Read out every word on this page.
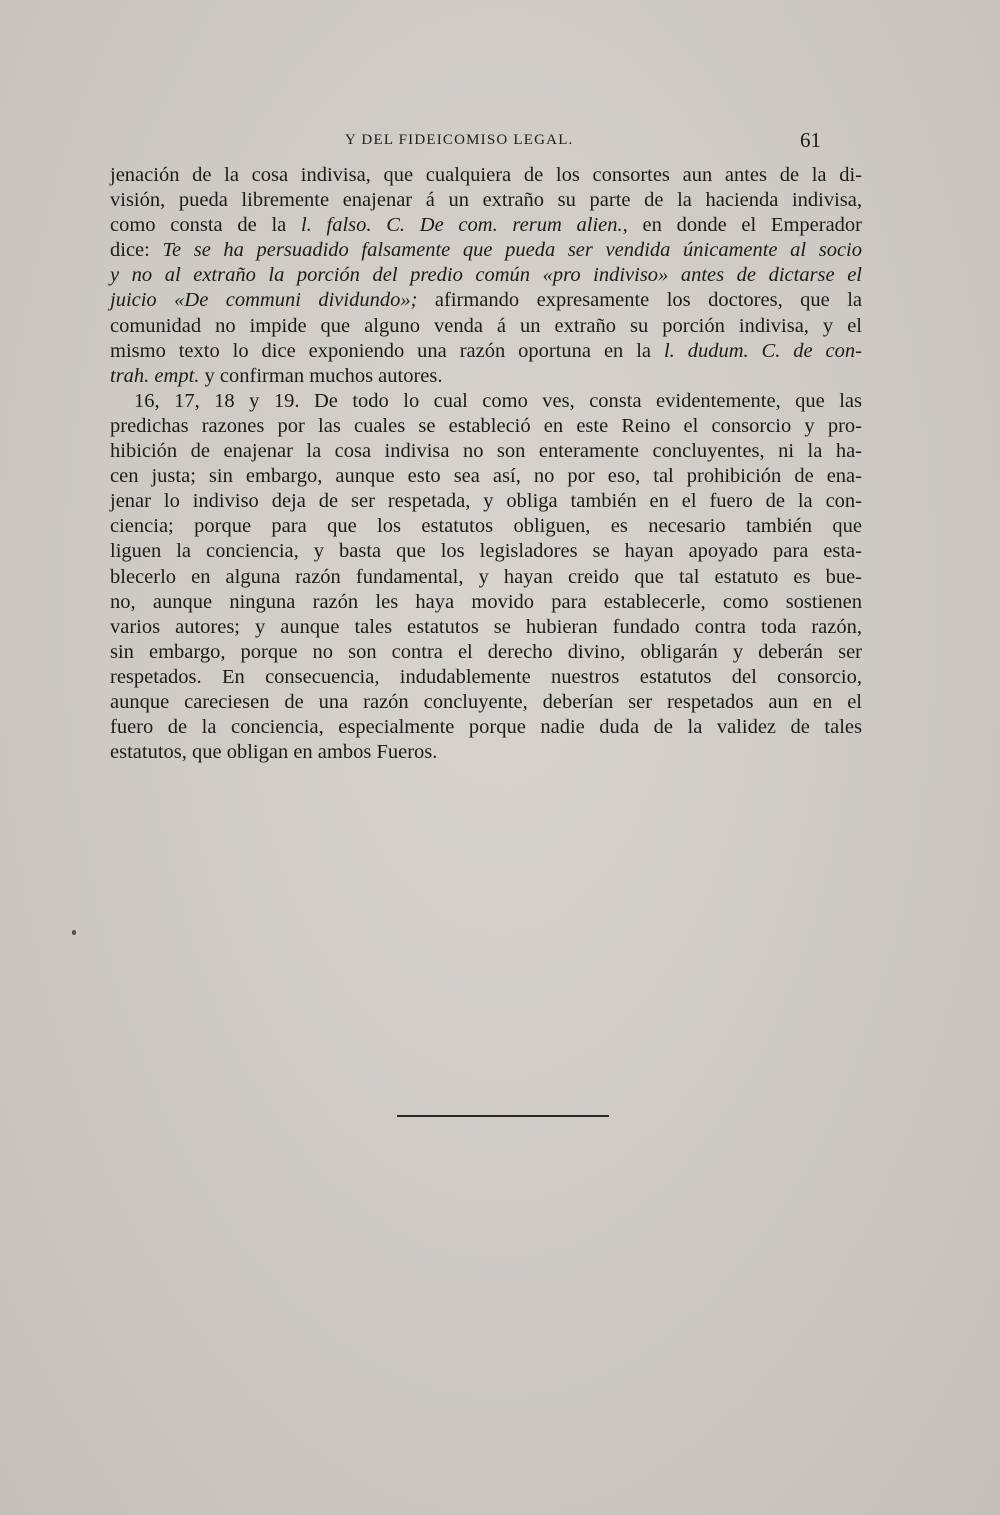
Y DEL FIDEICOMISO LEGAL.	61
jenación de la cosa indivisa, que cualquiera de los consortes aun antes de la di-
visión, pueda libremente enajenar á un extraño su parte de la hacienda indivisa,
como consta de la l. falso. C. De com. rerum alien., en donde el Emperador
dice: Te se ha persuadido falsamente que pueda ser vendida únicamente al socio
y no al extraño la porción del predio común «pro indiviso» antes de dictarse el
juicio «De communi dividundo»; afirmando expresamente los doctores, que la
comunidad no impide que alguno venda á un extraño su porción indivisa, y el
mismo texto lo dice exponiendo una razón oportuna en la l. dudum. C. de con-
trah. empt. y confirman muchos autores.
16, 17, 18 y 19. De todo lo cual como ves, consta evidentemente, que las
predichas razones por las cuales se estableció en este Reino el consorcio y pro-
hibición de enajenar la cosa indivisa no son enteramente concluyentes, ni la ha-
cen justa; sin embargo, aunque esto sea así, no por eso, tal prohibición de ena-
jenar lo indiviso deja de ser respetada, y obliga también en el fuero de la con-
ciencia; porque para que los estatutos obliguen, es necesario también que
liguen la conciencia, y basta que los legisladores se hayan apoyado para esta-
blecerlo en alguna razón fundamental, y hayan creido que tal estatuto es bue-
no, aunque ninguna razón les haya movido para establecerle, como sostienen
varios autores; y aunque tales estatutos se hubieran fundado contra toda razón,
sin embargo, porque no son contra el derecho divino, obligarán y deberán ser
respetados. En consecuencia, indudablemente nuestros estatutos del consorcio,
aunque careciesen de una razón concluyente, deberían ser respetados aun en el
fuero de la conciencia, especialmente porque nadie duda de la validez de tales
estatutos, que obligan en ambos Fueros.
